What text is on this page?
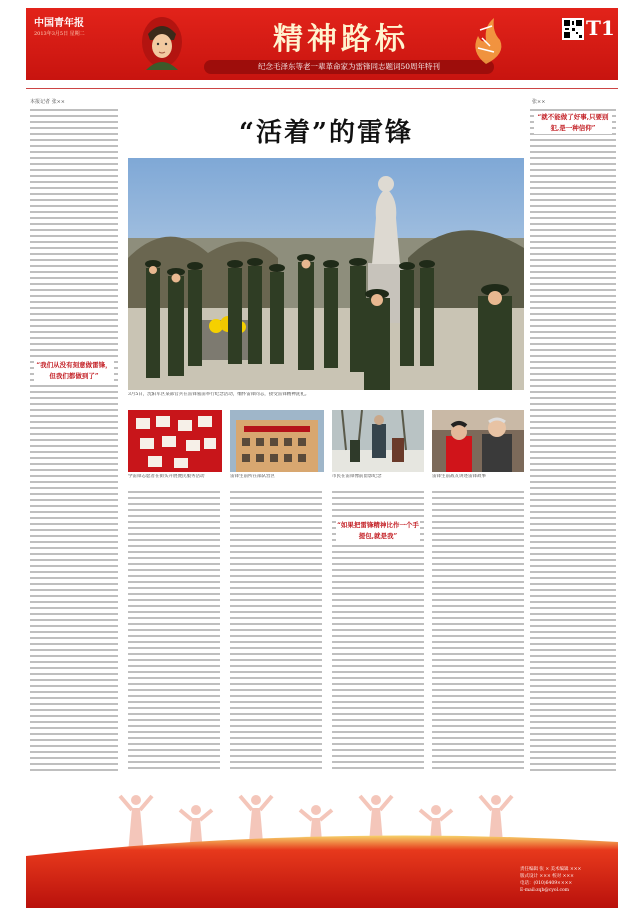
中国青年报
2013年3月5日 星期二	精神路标
纪念毛泽东等老一辈革命家为雷锋同志题词50周年特刊
T1
“活着”的雷锋
本报记者 张××
“我们从没有刻意做雷锋，但我们都做到了”
张××
“就不能做了好事,只要别犯,是一种信仰”
3月5日，沈阳军区某部官兵在雷锋墓前举行纪念活动，缅怀雷锋同志，接受雷锋精神洗礼。
学雷锋志愿者在街头开展便民服务活动	雷锋生前所在部队营区	市民在雷锋像前留影纪念	雷锋生前战友讲述雷锋故事
“如果把雷锋精神比作一个手提包,就是我”
责任编辑 张 × 美术编辑 ×××
版式设计 ××× 校对 ×××
电话：(010)6409××××
E-mail:zqb@cyol.com
